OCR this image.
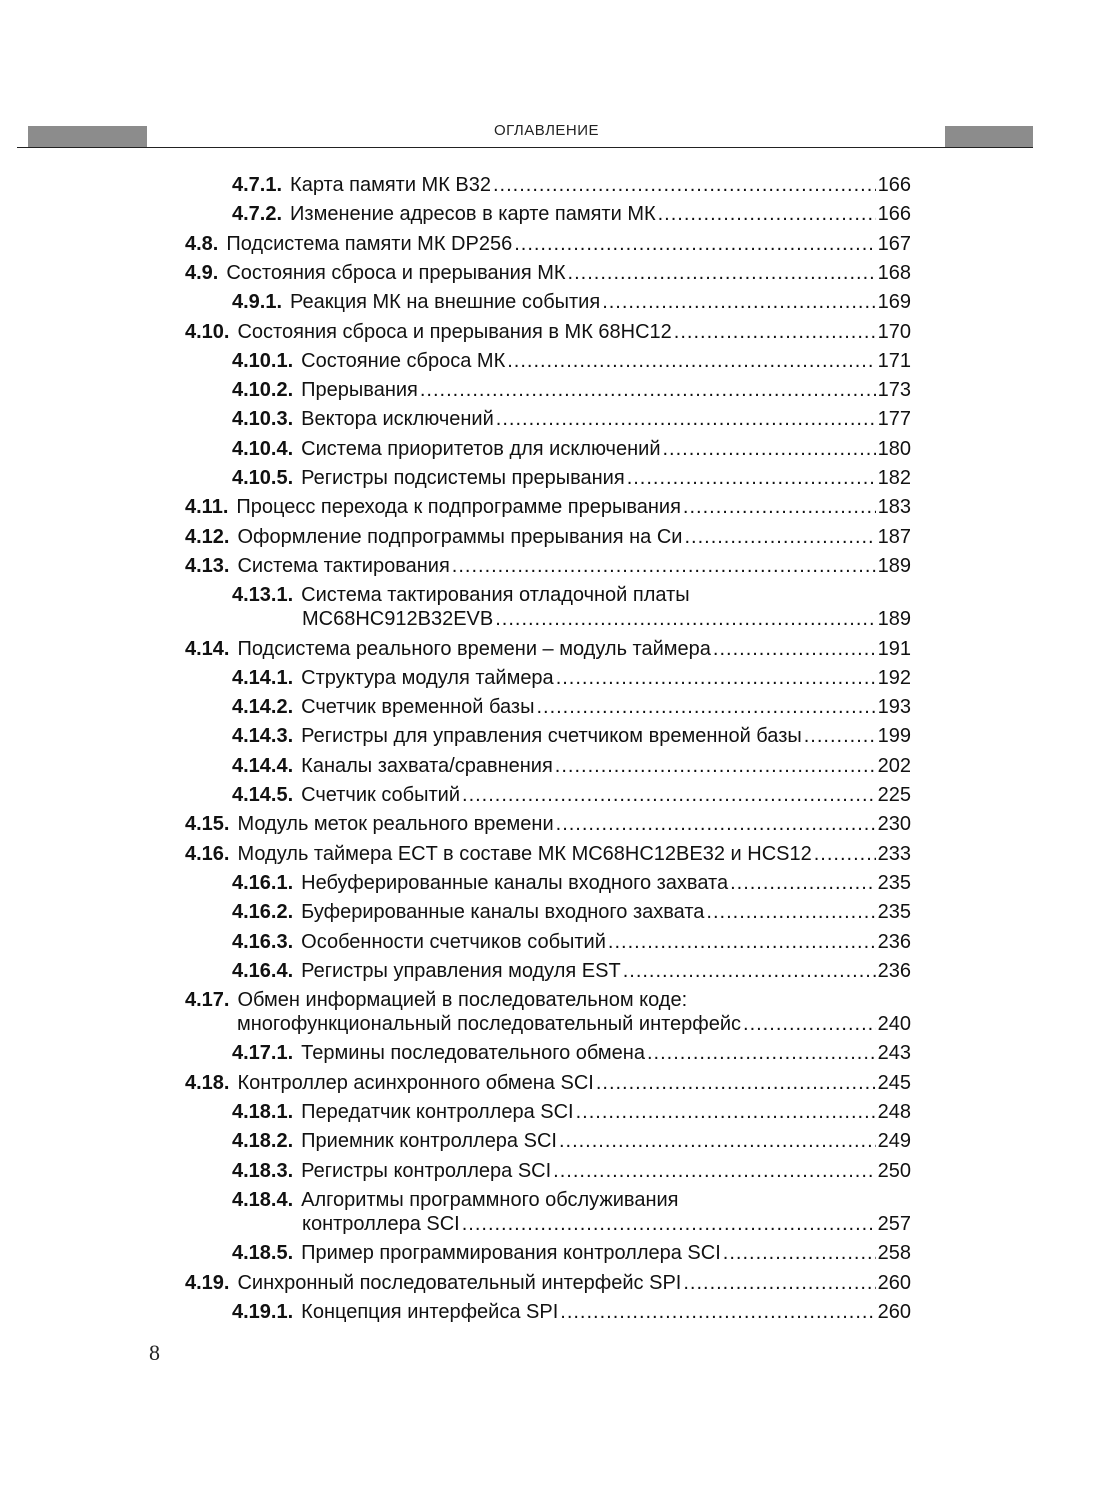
ОГЛАВЛЕНИЕ
4.7.1. Карта памяти МК B32 .....	166
4.7.2. Изменение адресов в карте памяти МК .....	166
4.8. Подсистема памяти МК DP256 .....	167
4.9. Состояния сброса и прерывания МК .....	168
4.9.1. Реакция МК на внешние события .....	169
4.10. Состояния сброса и прерывания в МК 68HC12 .....	170
4.10.1. Состояние сброса МК .....	171
4.10.2. Прерывания .....	173
4.10.3. Вектора исключений .....	177
4.10.4. Система приоритетов для исключений .....	180
4.10.5. Регистры подсистемы прерывания .....	182
4.11. Процесс перехода к подпрограмме прерывания .....	183
4.12. Оформление подпрограммы прерывания на Си .....	187
4.13. Система тактирования .....	189
4.13.1. Система тактирования отладочной платы
MC68HC912B32EVB .....	189
4.14. Подсистема реального времени – модуль таймера .....	191
4.14.1. Структура модуля таймера .....	192
4.14.2. Счетчик временной базы .....	193
4.14.3. Регистры для управления счетчиком временной базы .....	199
4.14.4. Каналы захвата/сравнения .....	202
4.14.5. Счетчик событий .....	225
4.15. Модуль меток реального времени .....	230
4.16. Модуль таймера ECT в составе МК MC68HC12BE32 и HCS12 .....	233
4.16.1. Небуферированные каналы входного захвата .....	235
4.16.2. Буферированные каналы входного захвата .....	235
4.16.3. Особенности счетчиков событий .....	236
4.16.4. Регистры управления модуля EST .....	236
4.17. Обмен информацией в последовательном коде:
многофункциональный последовательный интерфейс .....	240
4.17.1. Термины последовательного обмена .....	243
4.18. Контроллер асинхронного обмена SCI .....	245
4.18.1. Передатчик контроллера SCI .....	248
4.18.2. Приемник контроллера SCI .....	249
4.18.3. Регистры контроллера SCI .....	250
4.18.4. Алгоритмы программного обслуживания
контроллера SCI .....	257
4.18.5. Пример программирования контроллера SCI .....	258
4.19. Синхронный последовательный интерфейс SPI .....	260
4.19.1. Концепция интерфейса SPI .....	260
8
